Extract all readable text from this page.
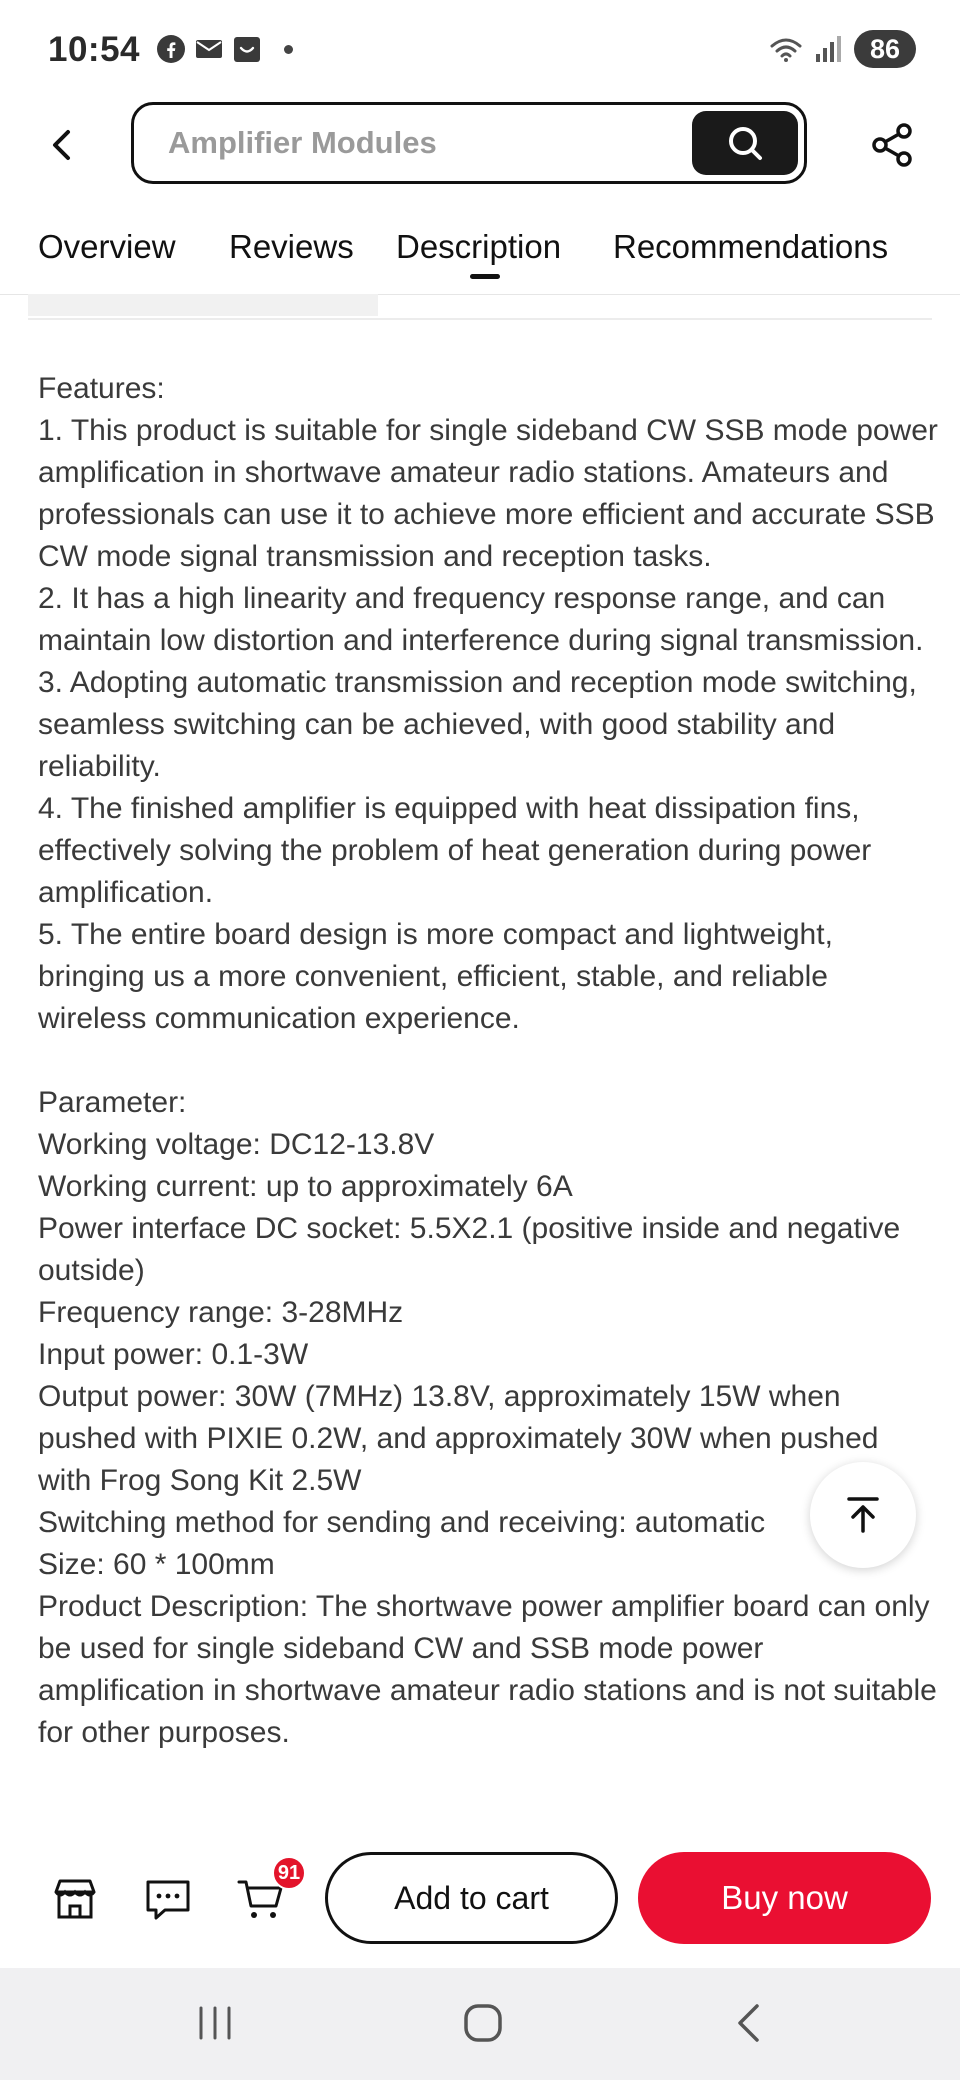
10:54	86
Amplifier Modules
Overview Reviews Description Recommendations

Features:
1. This product is suitable for single sideband CW SSB mode power amplification in shortwave amateur radio stations. Amateurs and professionals can use it to achieve more efficient and accurate SSB CW mode signal transmission and reception tasks.
2. It has a high linearity and frequency response range, and can maintain low distortion and interference during signal transmission.
3. Adopting automatic transmission and reception mode switching, seamless switching can be achieved, with good stability and reliability.
4. The finished amplifier is equipped with heat dissipation fins, effectively solving the problem of heat generation during power amplification.
5. The entire board design is more compact and lightweight, bringing us a more convenient, efficient, stable, and reliable wireless communication experience.

Parameter:
Working voltage: DC12-13.8V
Working current: up to approximately 6A
Power interface DC socket: 5.5X2.1 (positive inside and negative outside)
Frequency range: 3-28MHz
Input power: 0.1-3W
Output power: 30W (7MHz) 13.8V, approximately 15W when pushed with PIXIE 0.2W, and approximately 30W when pushed with Frog Song Kit 2.5W
Switching method for sending and receiving: automatic
Size: 60 * 100mm
Product Description: The shortwave power amplifier board can only be used for single sideband CW and SSB mode power amplification in shortwave amateur radio stations and is not suitable for other purposes.

91
Add to cart	Buy now
